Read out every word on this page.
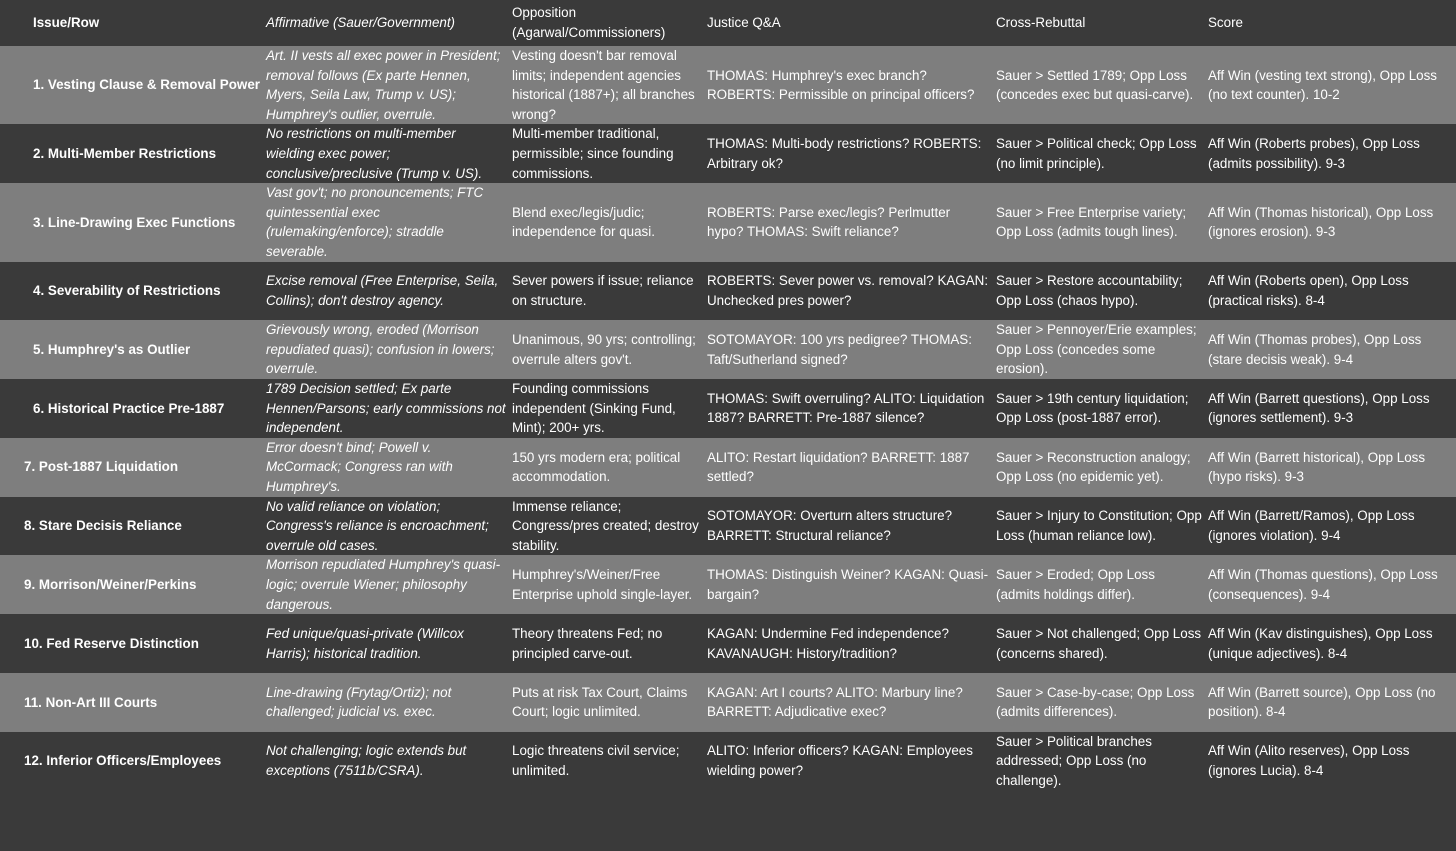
Issue/Row	Affirmative (Sauer/Government)	Opposition (Agarwal/Commissioners)	Justice Q&A	Cross-Rebuttal	Score
1. Vesting Clause & Removal Power	Art. II vests all exec power in President; removal follows (Ex parte Hennen, Myers, Seila Law, Trump v. US); Humphrey's outlier, overrule.	Vesting doesn't bar removal limits; independent agencies historical (1887+); all branches wrong?	THOMAS: Humphrey's exec branch? ROBERTS: Permissible on principal officers?	Sauer > Settled 1789; Opp Loss (concedes exec but quasi-carve).	Aff Win (vesting text strong), Opp Loss (no text counter). 10-2
2. Multi-Member Restrictions	No restrictions on multi-member wielding exec power; conclusive/preclusive (Trump v. US).	Multi-member traditional, permissible; since founding commissions.	THOMAS: Multi-body restrictions? ROBERTS: Arbitrary ok?	Sauer > Political check; Opp Loss (no limit principle).	Aff Win (Roberts probes), Opp Loss (admits possibility). 9-3
3. Line-Drawing Exec Functions	Vast gov't; no pronouncements; FTC quintessential exec (rulemaking/enforce); straddle severable.	Blend exec/legis/judic; independence for quasi.	ROBERTS: Parse exec/legis? Perlmutter hypo? THOMAS: Swift reliance?	Sauer > Free Enterprise variety; Opp Loss (admits tough lines).	Aff Win (Thomas historical), Opp Loss (ignores erosion). 9-3
4. Severability of Restrictions	Excise removal (Free Enterprise, Seila, Collins); don't destroy agency.	Sever powers if issue; reliance on structure.	ROBERTS: Sever power vs. removal? KAGAN: Unchecked pres power?	Sauer > Restore accountability; Opp Loss (chaos hypo).	Aff Win (Roberts open), Opp Loss (practical risks). 8-4
5. Humphrey's as Outlier	Grievously wrong, eroded (Morrison repudiated quasi); confusion in lowers; overrule.	Unanimous, 90 yrs; controlling; overrule alters gov't.	SOTOMAYOR: 100 yrs pedigree? THOMAS: Taft/Sutherland signed?	Sauer > Pennoyer/Erie examples; Opp Loss (concedes some erosion).	Aff Win (Thomas probes), Opp Loss (stare decisis weak). 9-4
6. Historical Practice Pre-1887	1789 Decision settled; Ex parte Hennen/Parsons; early commissions not independent.	Founding commissions independent (Sinking Fund, Mint); 200+ yrs.	THOMAS: Swift overruling? ALITO: Liquidation 1887? BARRETT: Pre-1887 silence?	Sauer > 19th century liquidation; Opp Loss (post-1887 error).	Aff Win (Barrett questions), Opp Loss (ignores settlement). 9-3
7. Post-1887 Liquidation	Error doesn't bind; Powell v. McCormack; Congress ran with Humphrey's.	150 yrs modern era; political accommodation.	ALITO: Restart liquidation? BARRETT: 1887 settled?	Sauer > Reconstruction analogy; Opp Loss (no epidemic yet).	Aff Win (Barrett historical), Opp Loss (hypo risks). 9-3
8. Stare Decisis Reliance	No valid reliance on violation; Congress's reliance is encroachment; overrule old cases.	Immense reliance; Congress/pres created; destroy stability.	SOTOMAYOR: Overturn alters structure? BARRETT: Structural reliance?	Sauer > Injury to Constitution; Opp Loss (human reliance low).	Aff Win (Barrett/Ramos), Opp Loss (ignores violation). 9-4
9. Morrison/Weiner/Perkins	Morrison repudiated Humphrey's quasi-logic; overrule Wiener; philosophy dangerous.	Humphrey's/Weiner/Free Enterprise uphold single-layer.	THOMAS: Distinguish Weiner? KAGAN: Quasi-bargain?	Sauer > Eroded; Opp Loss (admits holdings differ).	Aff Win (Thomas questions), Opp Loss (consequences). 9-4
10. Fed Reserve Distinction	Fed unique/quasi-private (Willcox Harris); historical tradition.	Theory threatens Fed; no principled carve-out.	KAGAN: Undermine Fed independence? KAVANAUGH: History/tradition?	Sauer > Not challenged; Opp Loss (concerns shared).	Aff Win (Kav distinguishes), Opp Loss (unique adjectives). 8-4
11. Non-Art III Courts	Line-drawing (Frytag/Ortiz); not challenged; judicial vs. exec.	Puts at risk Tax Court, Claims Court; logic unlimited.	KAGAN: Art I courts? ALITO: Marbury line? BARRETT: Adjudicative exec?	Sauer > Case-by-case; Opp Loss (admits differences).	Aff Win (Barrett source), Opp Loss (no position). 8-4
12. Inferior Officers/Employees	Not challenging; logic extends but exceptions (7511b/CSRA).	Logic threatens civil service; unlimited.	ALITO: Inferior officers? KAGAN: Employees wielding power?	Sauer > Political branches addressed; Opp Loss (no challenge).	Aff Win (Alito reserves), Opp Loss (ignores Lucia). 8-4
